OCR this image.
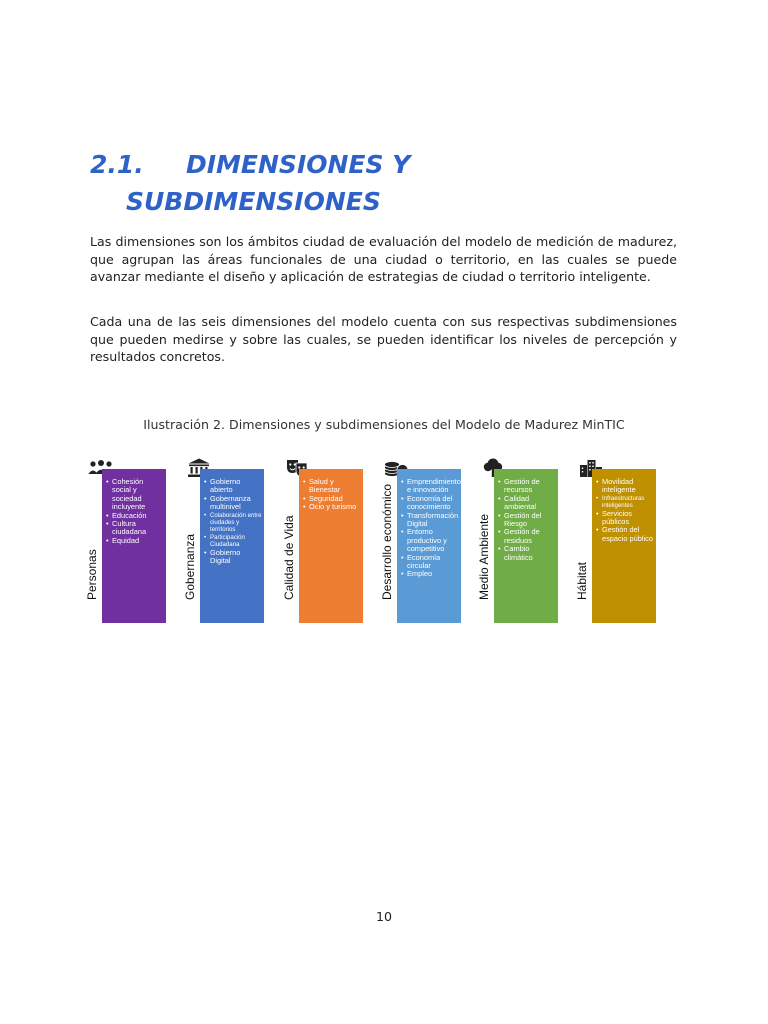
2.1. DIMENSIONES Y
SUBDIMENSIONES

Las dimensiones son los ámbitos ciudad de evaluación del modelo de medición de madurez, que agrupan las áreas funcionales de una ciudad o territorio, en las cuales se puede avanzar mediante el diseño y aplicación de estrategias de ciudad o territorio inteligente.

Cada una de las seis dimensiones del modelo cuenta con sus respectivas subdimensiones que pueden medirse y sobre las cuales, se pueden identificar los niveles de percepción y resultados concretos.

Ilustración 2. Dimensiones y subdimensiones del Modelo de Madurez MinTIC
Personas
• Cohesión social y sociedad incluyente
• Educación
• Cultura ciudadana
• Equidad	Gobernanza
• Gobierno abierto
• Gobernanza multinivel
• Colaboración entre ciudades y territorios
• Participación Ciudadana
• Gobierno Digital	Calidad de Vida
• Salud y Bienestar
• Seguridad
• Ocio y turismo	Desarrollo económico
• Emprendimiento e innovación
• Economía del conocimiento
• Transformación Digital
• Entorno productivo y competitivo
• Economía circular
• Empleo	Medio Ambiente
• Gestión de recursos
• Calidad ambiental
• Gestión del Riesgo
• Gestión de residuos
• Cambio climático
Hábitat
• Movilidad inteligente
• Infraestructuras inteligentes
• Servicios públicos
• Gestión del espacio público
10
